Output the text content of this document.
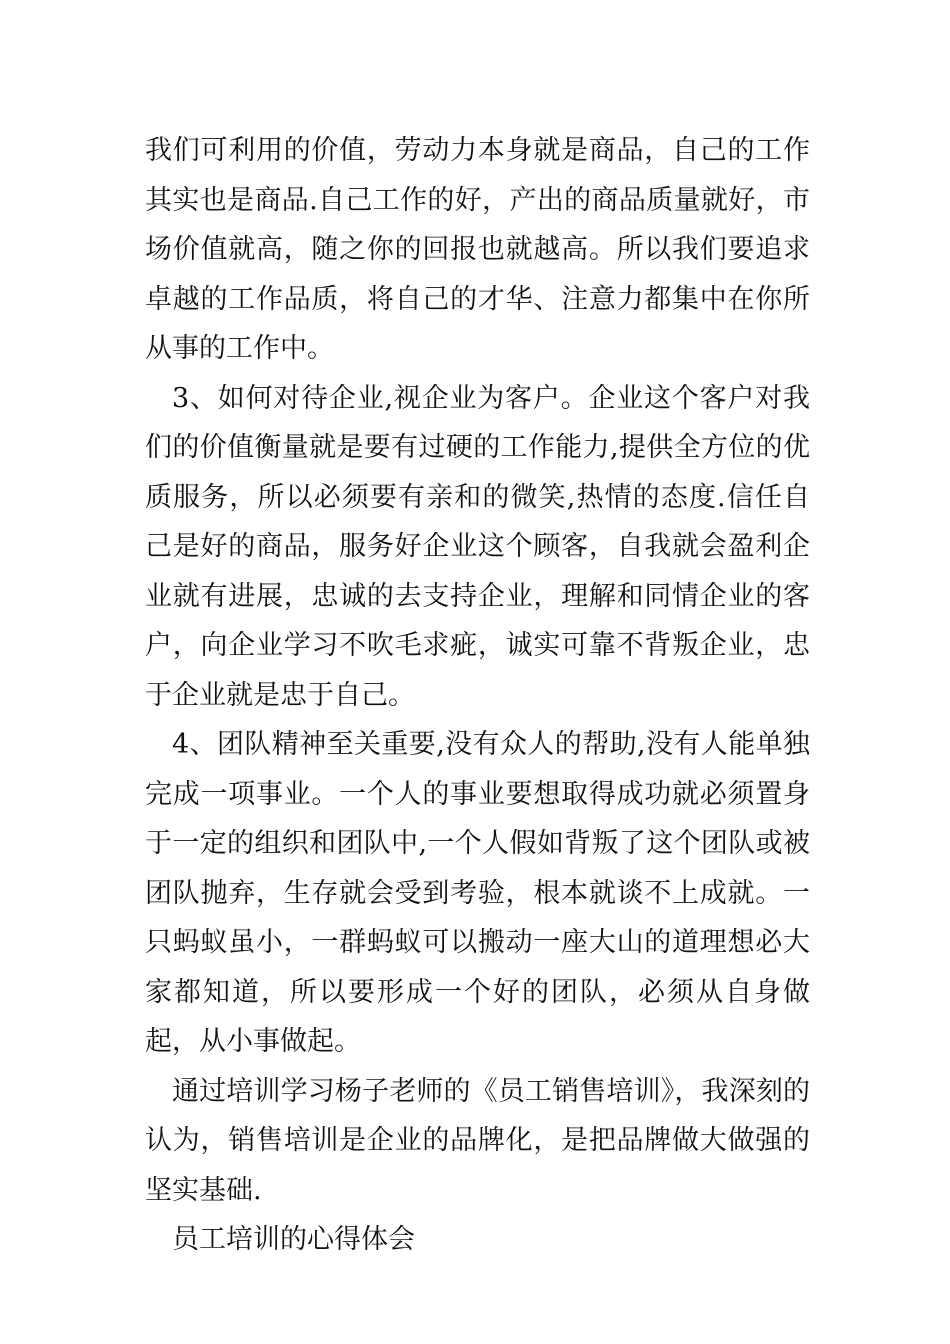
我们可利用的价值，劳动力本身就是商品，自己的工作其实也是商品.自己工作的好，产出的商品质量就好，市场价值就高，随之你的回报也就越高。所以我们要追求卓越的工作品质，将自己的才华、注意力都集中在你所从事的工作中。

3、如何对待企业,视企业为客户。企业这个客户对我们的价值衡量就是要有过硬的工作能力,提供全方位的优质服务，所以必须要有亲和的微笑,热情的态度.信任自己是好的商品，服务好企业这个顾客，自我就会盈利企业就有进展，忠诚的去支持企业，理解和同情企业的客户，向企业学习不吹毛求疵，诚实可靠不背叛企业，忠于企业就是忠于自己。

4、团队精神至关重要,没有众人的帮助,没有人能单独完成一项事业。一个人的事业要想取得成功就必须置身于一定的组织和团队中,一个人假如背叛了这个团队或被团队抛弃，生存就会受到考验，根本就谈不上成就。一只蚂蚁虽小，一群蚂蚁可以搬动一座大山的道理想必大家都知道，所以要形成一个好的团队，必须从自身做起，从小事做起。

通过培训学习杨子老师的《员工销售培训》，我深刻的认为，销售培训是企业的品牌化，是把品牌做大做强的坚实基础.

员工培训的心得体会
